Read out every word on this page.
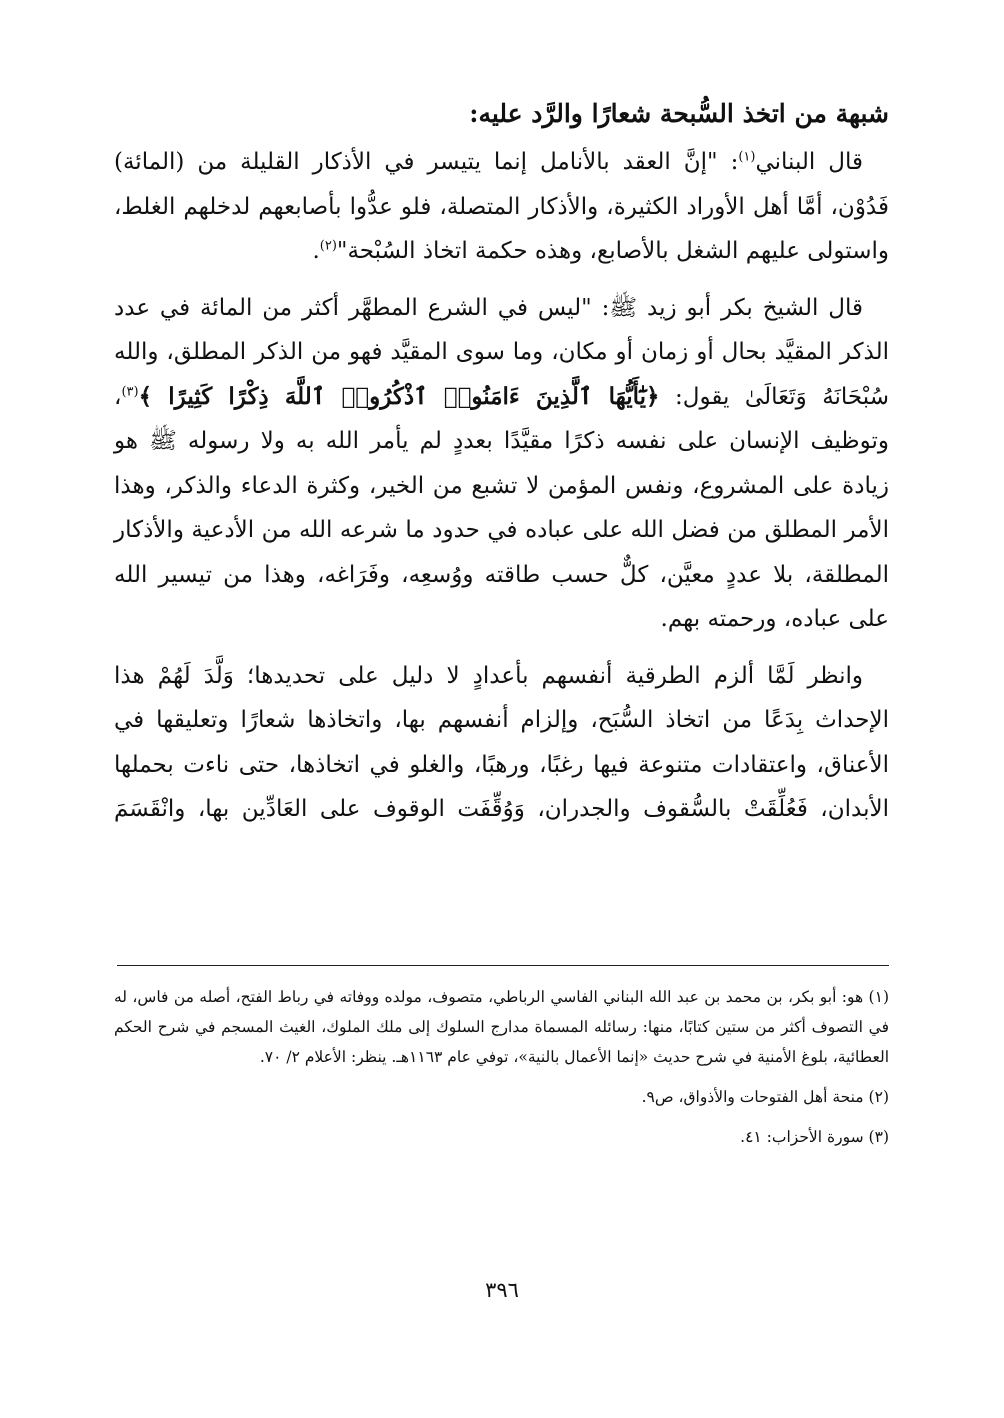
شبهة من اتخذ السُّبحة شعارًا والرَّد عليه:

قال البناني$^{(١)}$: "إنَّ العقد بالأنامل إنما يتيسر في الأذكار القليلة من (المائة) فَدُوْن، أمَّا أهل الأوراد الكثيرة، والأذكار المتصلة، فلو عدُّوا بأصابعهم لدخلهم الغلط، واستولى عليهم الشغل بالأصابع، وهذه حكمة اتخاذ السُبْحة"$^{(٢)}$.

قال الشيخ بكر أبو زيد ﷺ: "ليس في الشرع المطهَّر أكثر من المائة في عدد الذكر المقيَّد بحال أو زمان أو مكان، وما سوى المقيَّد فهو من الذكر المطلق، والله سُبْحَانَهُ وَتَعَالَىٰ يقول: ﴿يَٰٓأَيُّهَا ٱلَّذِينَ ءَامَنُوا۟ ٱذْكُرُوا۟ ٱللَّهَ ذِكْرًا كَثِيرًا ﴾$^{(٣)}$، وتوظيف الإنسان على نفسه ذكرًا مقيَّدًا بعددٍ لم يأمر الله به ولا رسوله ﷺ هو زيادة على المشروع، ونفس المؤمن لا تشبع من الخير، وكثرة الدعاء والذكر، وهذا الأمر المطلق من فضل الله على عباده في حدود ما شرعه الله من الأدعية والأذكار المطلقة، بلا عددٍ معيَّن، كلٌّ حسب طاقته ووُسعِه، وفَرَاغه، وهذا من تيسير الله على عباده، ورحمته بهم.

وانظر لَمَّا ألزم الطرقية أنفسهم بأعدادٍ لا دليل على تحديدها؛ وَلَّدَ لَهُمْ هذا الإحداث بِدَعًا من اتخاذ السُّبَح، وإلزام أنفسهم بها، واتخاذها شعارًا وتعليقها في الأعناق، واعتقادات متنوعة فيها رغبًا، ورهبًا، والغلو في اتخاذها، حتى ناءت بحملها الأبدان، فَعُلِّقَتْ بالسُّقوف والجدران، وَوُقِّفَت الوقوف على العَادِّين بها، وانْقَسَمَ

(١) هو: أبو بكر، بن محمد بن عبد الله البناني الفاسي الرباطي، متصوف، مولده ووفاته في رباط الفتح، أصله من فاس، له في التصوف أكثر من ستين كتابًا، منها: رسائله المسماة مدارج السلوك إلى ملك الملوك، الغيث المسجم في شرح الحكم العطائية، بلوغ الأمنية في شرح حديث «إنما الأعمال بالنية»، توفي عام ١١٦٣هـ. ينظر: الأعلام ٢/ ٧٠.

(٢) منحة أهل الفتوحات والأذواق، ص٩.

(٣) سورة الأحزاب: ٤١.

٣٩٦
